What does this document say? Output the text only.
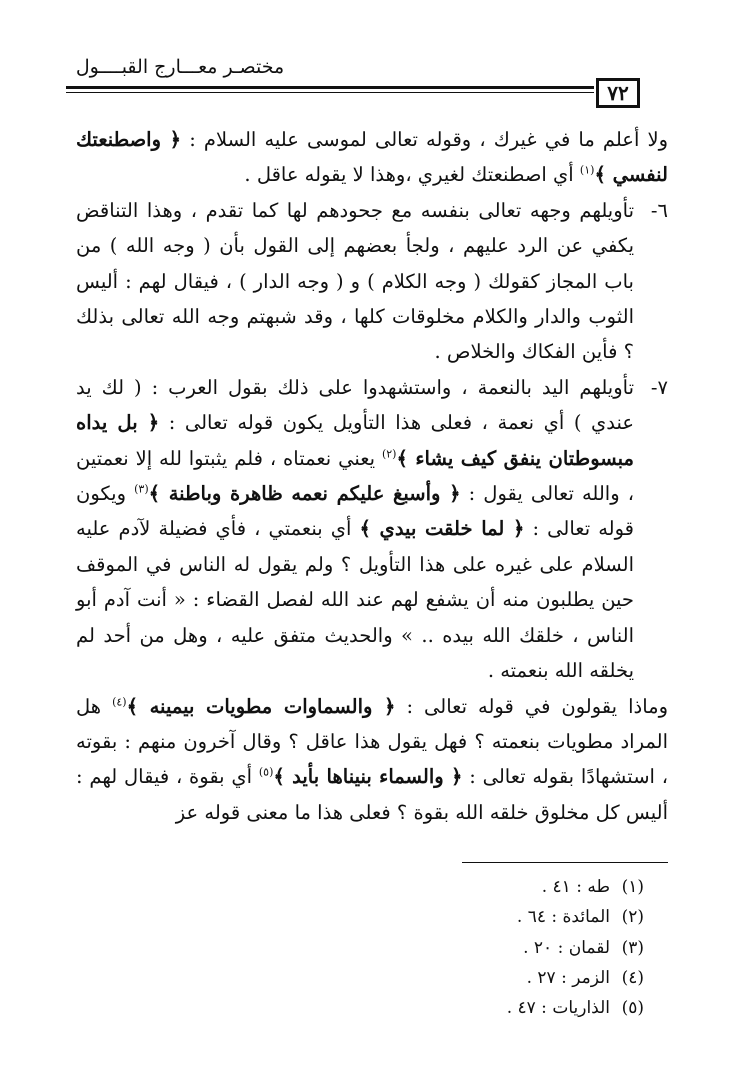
مختصـر معـــارج القبــــول
٧٢

ولا أعلم ما في غيرك ، وقوله تعالى لموسى عليه السلام : ﴿ واصطنعتك لنفسي ﴾$^{(١)}$ أي اصطنعتك لغيري ،وهذا لا يقوله عاقل .

٦-
تأويلهم وجهه تعالى بنفسه مع جحودهم لها كما تقدم ، وهذا التناقض يكفي عن الرد عليهم ، ولجأ بعضهم إلى القول بأن ( وجه الله ) من باب المجاز كقولك ( وجه الكلام ) و ( وجه الدار ) ، فيقال لهم : أليس الثوب والدار والكلام مخلوقات كلها ، وقد شبهتم وجه الله تعالى بذلك ؟ فأين الفكاك والخلاص .

٧-
تأويلهم اليد بالنعمة ، واستشهدوا على ذلك بقول العرب : ( لك يد عندي ) أي نعمة ، فعلى هذا التأويل يكون قوله تعالى : ﴿ بل يداه مبسوطتان ينفق كيف يشاء ﴾$^{(٢)}$ يعني نعمتاه ، فلم يثبتوا لله إلا نعمتين ، والله تعالى يقول : ﴿ وأسبغ عليكم نعمه ظاهرة وباطنة ﴾$^{(٣)}$ ويكون قوله تعالى : ﴿ لما خلقت بيدي ﴾ أي بنعمتي ، فأي فضيلة لآدم عليه السلام على غيره على هذا التأويل ؟ ولم يقول له الناس في الموقف حين يطلبون منه أن يشفع لهم عند الله لفصل القضاء : « أنت آدم أبو الناس ، خلقك الله بيده .. » والحديث متفق عليه ، وهل من أحد لم يخلقه الله بنعمته .

وماذا يقولون في قوله تعالى : ﴿ والسماوات مطويات بيمينه ﴾$^{(٤)}$ هل المراد مطويات بنعمته ؟ فهل يقول هذا عاقل ؟ وقال آخرون منهم : بقوته ، استشهادًا بقوله تعالى : ﴿ والسماء بنيناها بأيد ﴾$^{(٥)}$ أي بقوة ، فيقال لهم : أليس كل مخلوق خلقه الله بقوة ؟ فعلى هذا ما معنى قوله عز

(١)طه : ٤١ .
(٢)المائدة : ٦٤ .
(٣)لقمان : ٢٠ .
(٤)الزمر : ٢٧ .
(٥)الذاريات : ٤٧ .
